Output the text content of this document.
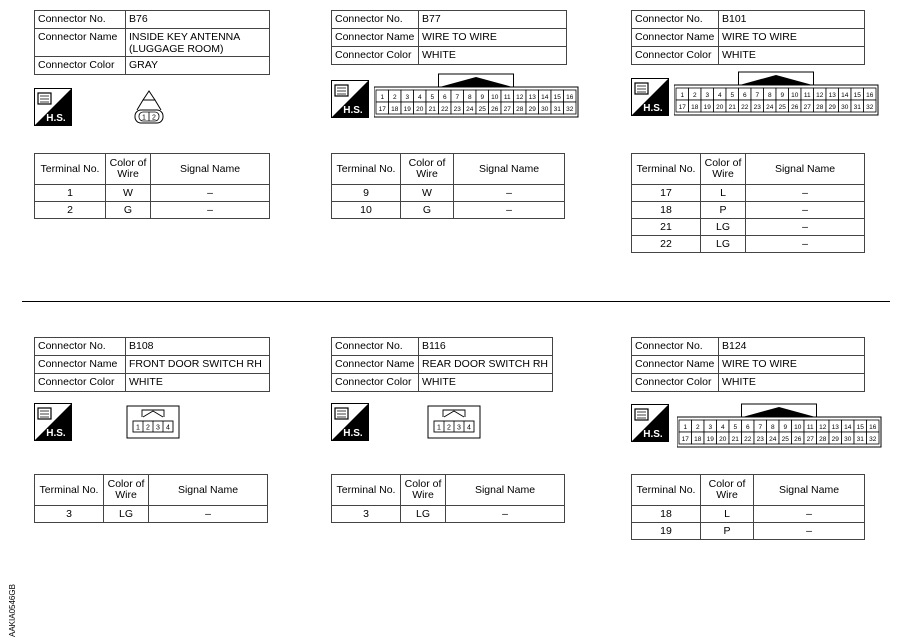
Connector No.	B76
Connector Name	INSIDE KEY ANTENNA
(LUGGAGE ROOM)

Connector Color	GRAY
H.S.	1 2
Terminal No.	Color of
Wire	Signal Name
1	W	–
2	G	–
Connector No.	B77
Connector Name	WIRE TO WIRE
Connector Color	WHITE
H.S.
1 2 3 4 5 6 7 8 9 10 11 12 13 14 15 16
17 18 19 20 21 22 23 24 25 26 27 28 29 30 31 32
Terminal No.	Color of
Wire	Signal Name
9	W	–
10	G	–
Connector No.	B101
Connector Name	WIRE TO WIRE
Connector Color	WHITE
H.S.
1 2 3 4 5 6 7 8 9 10 11 12 13 14 15 16
17 18 19 20 21 22 23 24 25 26 27 28 29 30 31 32
Terminal No.	Color of
Wire	Signal Name
17	L	–
18	P	–
21	LG	–
22	LG	–
Connector No.	B108
Connector Name	FRONT DOOR SWITCH RH
Connector Color	WHITE
H.S.	1 2 3 4
Terminal No.	Color of
Wire	Signal Name
3	LG	–
Connector No.	B116
Connector Name	REAR DOOR SWITCH RH
Connector Color	WHITE
H.S.	1 2 3 4
Terminal No.	Color of
Wire	Signal Name
3	LG	–
Connector No.	B124
Connector Name	WIRE TO WIRE
Connector Color	WHITE
H.S.
1 2 3 4 5 6 7 8 9 10 11 12 13 14 15 16
17 18 19 20 21 22 23 24 25 26 27 28 29 30 31 32
Terminal No.	Color of
Wire	Signal Name
18	L	–
19	P	–
AAKIA0546GB
